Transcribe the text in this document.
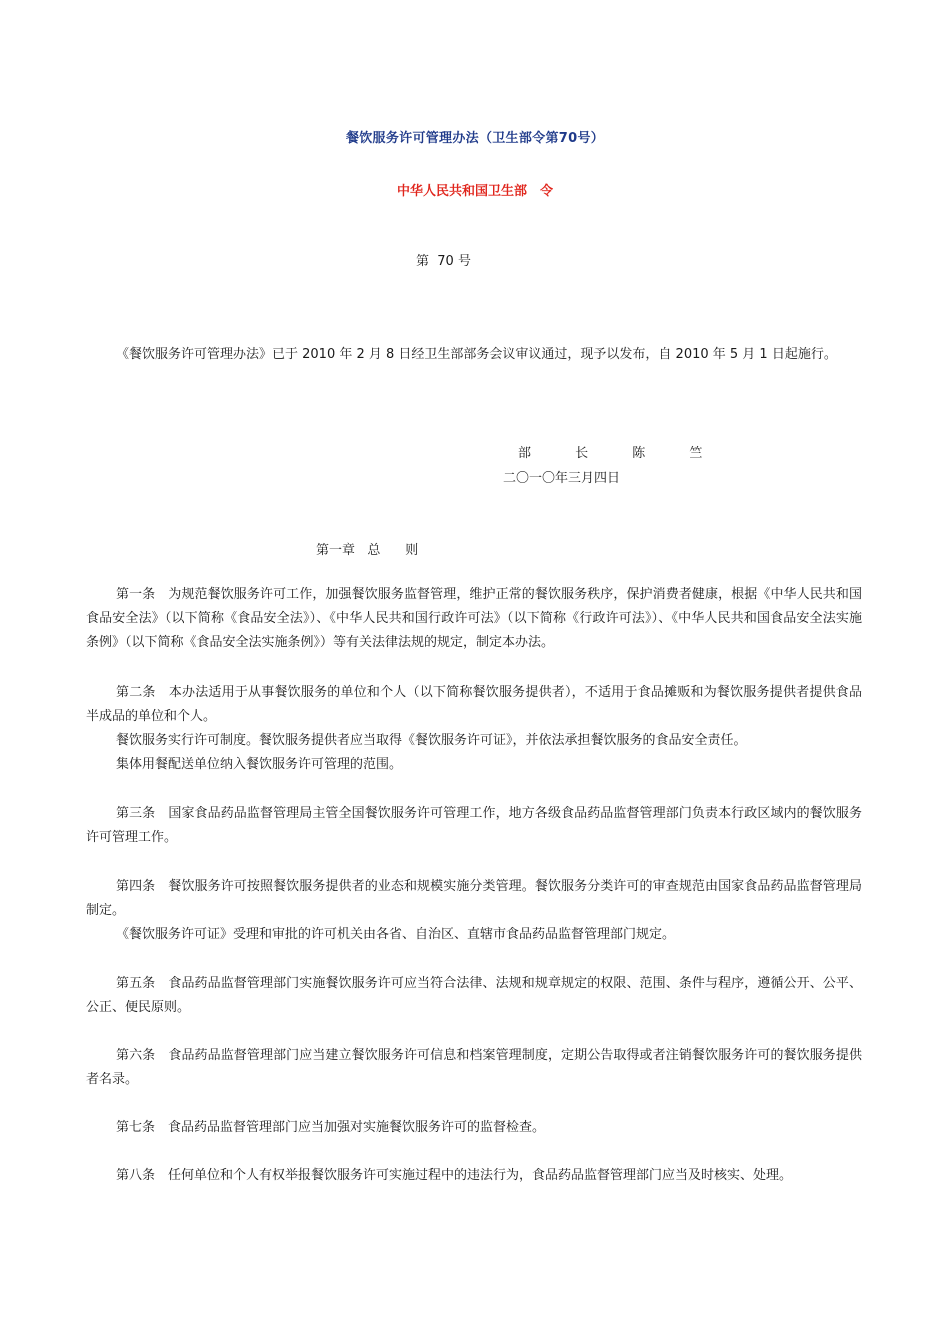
餐饮服务许可管理办法（卫生部令第70号）
中华人民共和国卫生部　令
第  70 号

《餐饮服务许可管理办法》已于 2010 年 2 月 8 日经卫生部部务会议审议通过，现予以发布，自 2010 年 5 月 1 日起施行。

部 长 陈 竺
二〇一〇年三月四日
第一章   总      则

第一条　为规范餐饮服务许可工作，加强餐饮服务监督管理，维护正常的餐饮服务秩序，保护消费者健康，根据《中华人民共和国食品安全法》（以下简称《食品安全法》）、《中华人民共和国行政许可法》（以下简称《行政许可法》）、《中华人民共和国食品安全法实施条例》（以下简称《食品安全法实施条例》）等有关法律法规的规定，制定本办法。

第二条　本办法适用于从事餐饮服务的单位和个人（以下简称餐饮服务提供者），不适用于食品摊贩和为餐饮服务提供者提供食品半成品的单位和个人。

餐饮服务实行许可制度。餐饮服务提供者应当取得《餐饮服务许可证》，并依法承担餐饮服务的食品安全责任。

集体用餐配送单位纳入餐饮服务许可管理的范围。

第三条　国家食品药品监督管理局主管全国餐饮服务许可管理工作，地方各级食品药品监督管理部门负责本行政区域内的餐饮服务许可管理工作。

第四条　餐饮服务许可按照餐饮服务提供者的业态和规模实施分类管理。餐饮服务分类许可的审查规范由国家食品药品监督管理局制定。

《餐饮服务许可证》受理和审批的许可机关由各省、自治区、直辖市食品药品监督管理部门规定。

第五条　食品药品监督管理部门实施餐饮服务许可应当符合法律、法规和规章规定的权限、范围、条件与程序，遵循公开、公平、公正、便民原则。

第六条　食品药品监督管理部门应当建立餐饮服务许可信息和档案管理制度，定期公告取得或者注销餐饮服务许可的餐饮服务提供者名录。

第七条　食品药品监督管理部门应当加强对实施餐饮服务许可的监督检查。

第八条　任何单位和个人有权举报餐饮服务许可实施过程中的违法行为，食品药品监督管理部门应当及时核实、处理。
